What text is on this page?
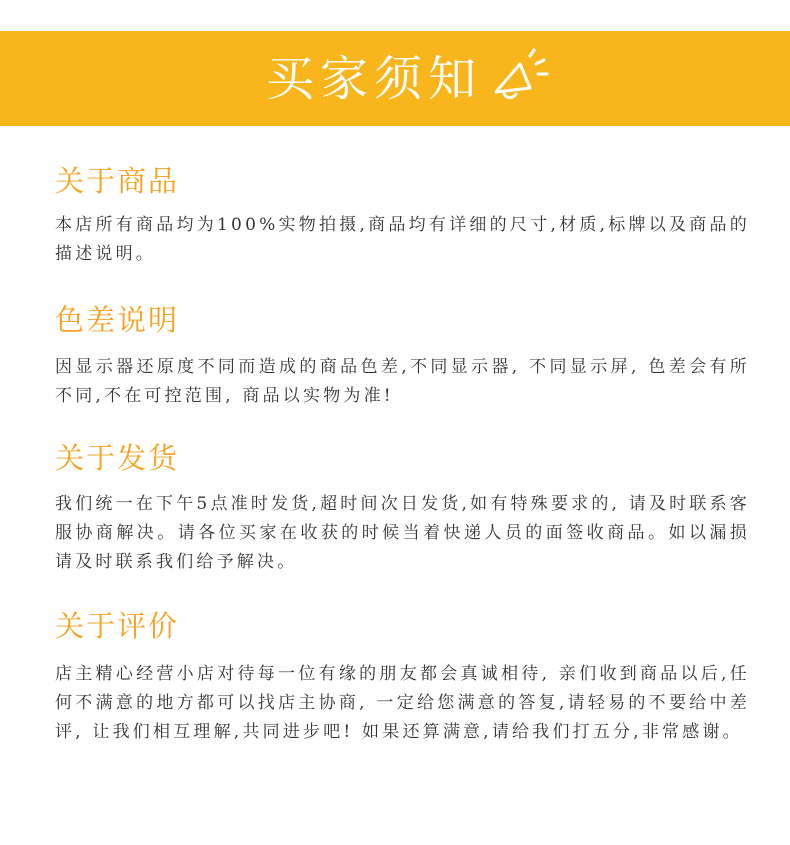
买家须知
关于商品
本店所有商品均为100%实物拍摄,商品均有详细的尺寸,材质,标牌以及商品的描述说明。
色差说明
因显示器还原度不同而造成的商品色差,不同显示器, 不同显示屏, 色差会有所不同,不在可控范围, 商品以实物为准!
关于发货
我们统一在下午5点准时发货,超时间次日发货,如有特殊要求的, 请及时联系客服协商解决。请各位买家在收获的时候当着快递人员的面签收商品。如以漏损请及时联系我们给予解决。
关于评价
店主精心经营小店对待每一位有缘的朋友都会真诚相待, 亲们收到商品以后,任何不满意的地方都可以找店主协商, 一定给您满意的答复,请轻易的不要给中差评, 让我们相互理解,共同进步吧! 如果还算满意,请给我们打五分,非常感谢。
